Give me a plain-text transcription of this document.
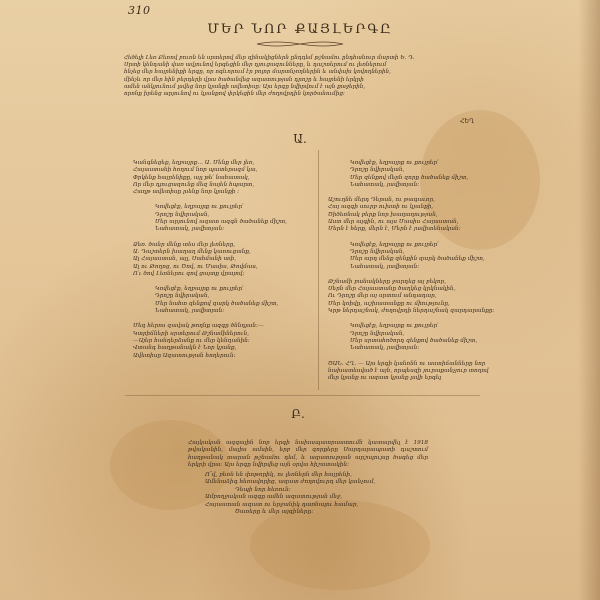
310
ՄԵՐ ՆՈՐ ՔԱՅԼԵՐԳԸ

Հեծելի Լեռ Քեռով բուռն են սրտերով մեր զինակիցներն ընդդեմ թշնամու ընդհանուր մարտի Ե. Դ.

Սրտի կենդանի վառ ավյունով երգեցին մեր դյուցազունները, և դաշտերում ու լեռներում

հնչեց մեր հայրենիքի երգը, որ ոգևորում էր բոլոր մարտնչողներին և անվախ կռվողներին,

մինչև որ մեր հին բերդերի վրա ծածանվեց ազատության դրոշը և հայրենի երկրի

ամեն անկյունում լսվեց նոր կյանքի ավետիսը։ Այս երգը նվիրվում է այն քաջերին,

որոնք իրենց արյունով ու կյանքով փրկեցին մեր ժողովրդին կործանումից։

ՀԵՂ
Ա.
Կանգնեցեք, եղբայրք… Ա. Մենք մեր լեռ,
Հայաստանի հողում նոր պատերազմ կա,
Փրկենք հայրենիքը, այլ թե՛ նահատակ,
Որ մեր դյուցազունք մեզ նայեն հպարտ,
Հաղթ ավետիսը լսենք նոր կյանքի ։
Կռվեցէք, եղբայրք ու քույրեր՛
Դրոշը նվիրական,
Մեր արյունով ազատ ազգն ծածանեք միշտ,
Նահատակ, յավիտյան։
Ձեռ. ծանր մենք տես մեր լեռները,
Ա. Դաշտերն խաղաղ մենք կառուցանք,
Ալ Հայաստան, այլ, Սահմանի ափ,
Ալ ու Թողոց, ու Ծով, ու Մասիս, Թովմաս,
Ո՛ւ ծով Լեռներու զով ցայտք վրայով։
Կռվեցէք, եղբայրք ու քույրեր՛
Դրոշը նվիրական,
Մեր նահտ զենքով զարկ ծածանեք միշտ,
Նահատակ, յավիտյան։
Մեզ հերոս զավակ թողնք ազգը ծննդյան։—
Կտրիճների սրտերում Թշնամիներուն,
—Այեր հանդերձանք ու մեր կենդանին։
Վտանգ հաղթանակն է Նոր կյանք,
Ավետիսը Ազատության հողերուն։
Կռվեցէք, եղբայրք ու քույրեր՛
Դրոշը նվիրական,
Մեր զենքով մերն զորք ծածանեք միշտ,
Նահատակ, յավիտյան։
Աշուղնե մերդ Դերան, ու թագաւոր,
Հայ ազգի սուրբ ուխտի ու կյանքի,
Ծիծեռնակ բերք նոր խաղաղության,
Աստ մեր այգին, ու այս Մասիս Հայաստան,
Մերն է հերք, մերն է, Մերն է յավիտենական։
Կռվեցէք, եղբայրք ու քույրեր՛
Դրոշը նվիրական,
Մեր արդ մենք զենքին զարկ ծածանեք միշտ,
Նահատակ, յավիտյան։
Թշնամի բանակները ջարդեց այ բեկոր,
Սերն մեր Հայաստանը ծաղկեց կրկնակին,
Ու Դրոշը մեր այ սրտում անդադար,
Մեր կռիվը, աշխատանքը ու միությունը,
Կրթ ներդաշնակ, ժողովրդի ներդաշնակ զարդարանքը։
Կռվեցէք, եղբայրք ու քույրեր՛
Դրոշը նվիրական,
Մեր սրտահոծորդ զենքով ծածանեք միշտ,
Նահատակ, յավիտյան։
ԾԱՆ. ՀՂ. — Այս երգի կանոնն ու աստիճանները նոր
նախատեսված է այն, որպեսզի յուրաքանչյուր տողով
մեր կյանք ու ազատ կյանք լսվի երգել
Բ.
Հայկական ազգային նոր երգի նախապատրաստումն կատարվել է 1918 թվականին, մայիս ամսին, երբ մեր զորքերը Սարդարապատի դաշտում հաղթանակ տարան թշնամու դեմ, և ազատության արշալույսը ծագեց մեր երկրի վրա։ Այս երգը նվիրվեց այն օրվա հիշատակին։
Ո՜վ, բեռն են փոթորիկ, ու լեռներն մեր հայրենի,
Ամենաձիգ հեռավորից, ազատ ժողովուրդ մեր կանչում,
Դեպի նոր հեռուն։
Ամբողջական ազգը ամեն ազատության մեջ,
Հայաստան ազատ ու երջանիկ դառնալու համար,
Ծառերը և մեր այգիները։
